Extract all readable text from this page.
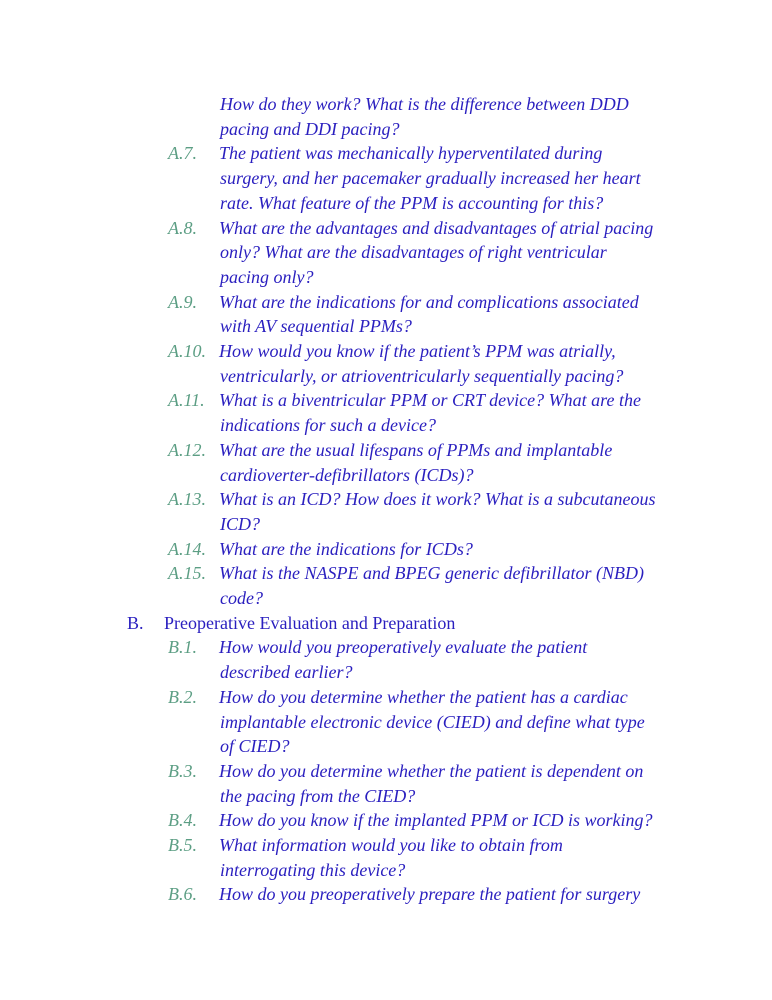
How do they work? What is the difference between DDD
pacing and DDI pacing?
A.7. The patient was mechanically hyperventilated during
surgery, and her pacemaker gradually increased her heart
rate. What feature of the PPM is accounting for this?
A.8. What are the advantages and disadvantages of atrial pacing
only? What are the disadvantages of right ventricular
pacing only?
A.9. What are the indications for and complications associated
with AV sequential PPMs?
A.10. How would you know if the patient’s PPM was atrially,
ventricularly, or atrioventricularly sequentially pacing?
A.11. What is a biventricular PPM or CRT device? What are the
indications for such a device?
A.12. What are the usual lifespans of PPMs and implantable
cardioverter-defibrillators (ICDs)?
A.13. What is an ICD? How does it work? What is a subcutaneous
ICD?
A.14. What are the indications for ICDs?
A.15. What is the NASPE and BPEG generic defibrillator (NBD)
code?
B. Preoperative Evaluation and Preparation
B.1. How would you preoperatively evaluate the patient
described earlier?
B.2. How do you determine whether the patient has a cardiac
implantable electronic device (CIED) and define what type
of CIED?
B.3. How do you determine whether the patient is dependent on
the pacing from the CIED?
B.4. How do you know if the implanted PPM or ICD is working?
B.5. What information would you like to obtain from
interrogating this device?
B.6. How do you preoperatively prepare the patient for surgery
